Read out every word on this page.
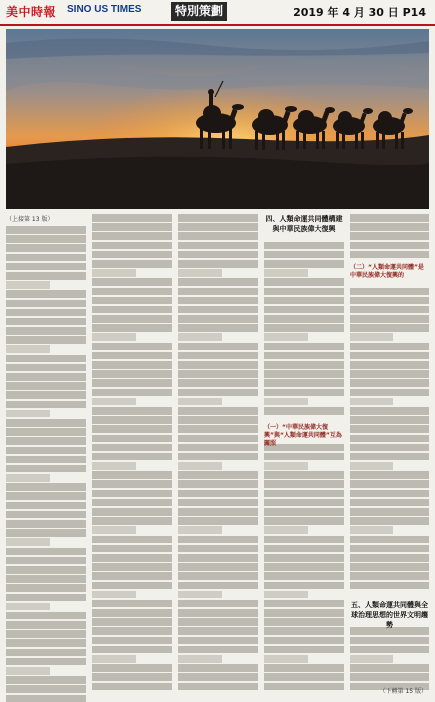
美中時報 SINO US TIMES	特別策劃	2019 年 4 月 30 日 P14
（上接第 13 版）	四、人類命運共同體構建與中華民族偉大復興
（一）“中華民族偉大復興”與“人類命運共同體”互為關照
（二）“人類命運共同體”是中華民族偉大復興的
五、人類命運共同體與全球治理思想的世界文明趨勢
（下轉第 15 版）
